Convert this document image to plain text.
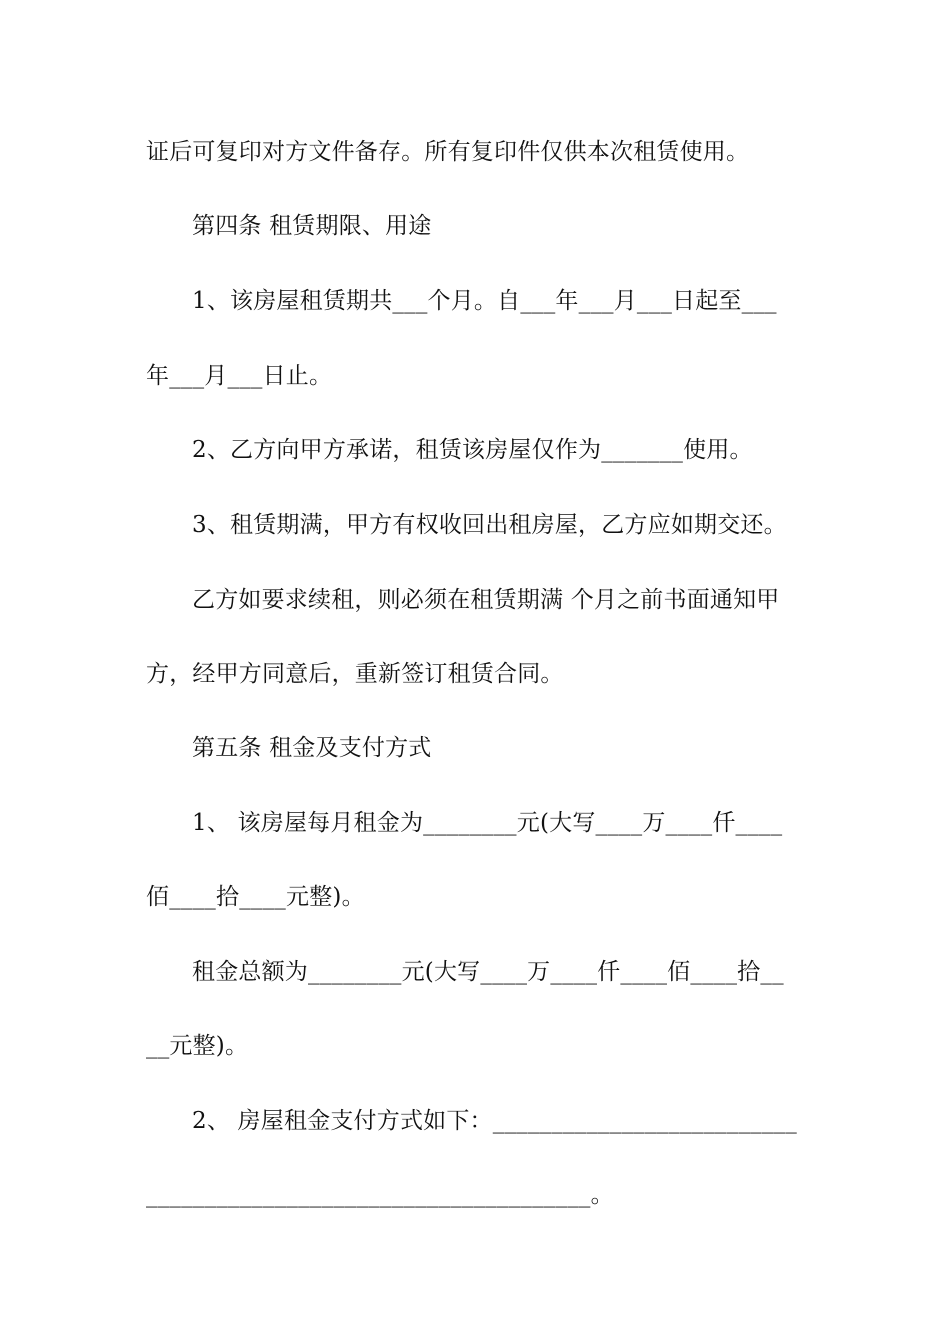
证后可复印对方文件备存。所有复印件仅供本次租赁使用。
第四条 租赁期限、用途
1、该房屋租赁期共___个月。自___年___月___日起至___
年___月___日止。
2、乙方向甲方承诺，租赁该房屋仅作为_______使用。
3、租赁期满，甲方有权收回出租房屋，乙方应如期交还。
乙方如要求续租，则必须在租赁期满 个月之前书面通知甲
方，经甲方同意后，重新签订租赁合同。
第五条 租金及支付方式
1、 该房屋每月租金为________元(大写____万____仟____
佰____拾____元整)。
租金总额为________元(大写____万____仟____佰____拾__
__元整)。
2、 房屋租金支付方式如下：__________________________
______________________________________。
